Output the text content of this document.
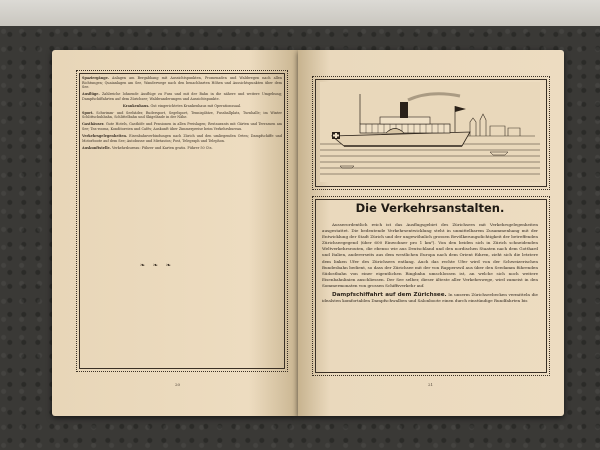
Spaziergänge. Anlagen am Bergabhang mit Aussichtspunkten, Promenaden und Waldwegen nach allen Richtungen; Quaianlagen am See, Wanderwege nach den benachbarten Höhen und Aussichtspunkten über dem See.

Ausflüge. Zahlreiche lohnende Ausflüge zu Fuss und mit der Bahn in die nähere und weitere Umgebung; Dampfschiffahrten auf dem Zürichsee; Waldwanderungen und Aussichtspunkte.

Krankenhaus. Gut eingerichtetes Krankenhaus mit Operationssaal.

Sport. Schwimm- und Seebäder, Rudersport, Segelsport, Tennisplätze, Fussballplatz, Turnhalle; im Winter Schlittschuhbahn, Schlittelbahn und Skigelände in der Nähe.

Gasthäuser. Gute Hotels, Gasthöfe und Pensionen in allen Preislagen; Restaurants mit Gärten und Terrassen am See; Tea-rooms, Konditoreien und Cafés; Auskunft über Zimmerpreise beim Verkehrsbureau.

Verkehrsgelegenheiten. Eisenbahnverbindungen nach Zürich und den umliegenden Orten; Dampfschiffe und Motorboote auf dem See; Autobusse und Mietautos; Post, Telegraph und Telephon.

Auskunftstelle. Verkehrsbureau: Führer und Karten gratis. Führer 50 Cts.

❧ ❧ ❧
20
Die Verkehrsanstalten.

Ausserordentlich reich ist das Ausflugsgebiet des Zürichsees mit Verkehrsgelegenheiten ausgestattet. Die bedeutende Verkehrsentwicklung steht in unmittelbarem Zusammenhang mit der Entwicklung der Stadt Zürich und der ungewöhnlich grossen Bevölkerungsdichtigkeit der betreffenden Zürichseegegend (über 600 Einwohner pro 1 km²). Von den beiden sich in Zürich schneidenden Weltverkehrsrouten, die ebenso wie aus Deutschland und den nordischen Staaten nach dem Gotthard und Italien, andererseits aus dem westlichen Europa nach dem Orient führen, zieht sich die letztere dem linken Ufer des Zürichsees entlang. Auch das rechte Ufer wird von der Schweizerischen Bundesbahn bedient, so dass der Zürichsee mit der von Rapperswil aus über den Seedamm führenden Südostbahn von einer eigentlichen Ringbahn umschlossen ist, an welche sich noch weitere Eisenbahnlinien anschliessen. Der See selber, dieser älteste aller Verkehrswege, wird zumeist in den Sommermonaten von grossen Schiffsverkehr auf.

Dampfschiffahrt auf dem Zürichsee. In unserm Zürichseebecken vermitteln die idealsten komfortablen Dampfschwalben und Salonboote einen durch einstündige Rundfahrten bis

21
